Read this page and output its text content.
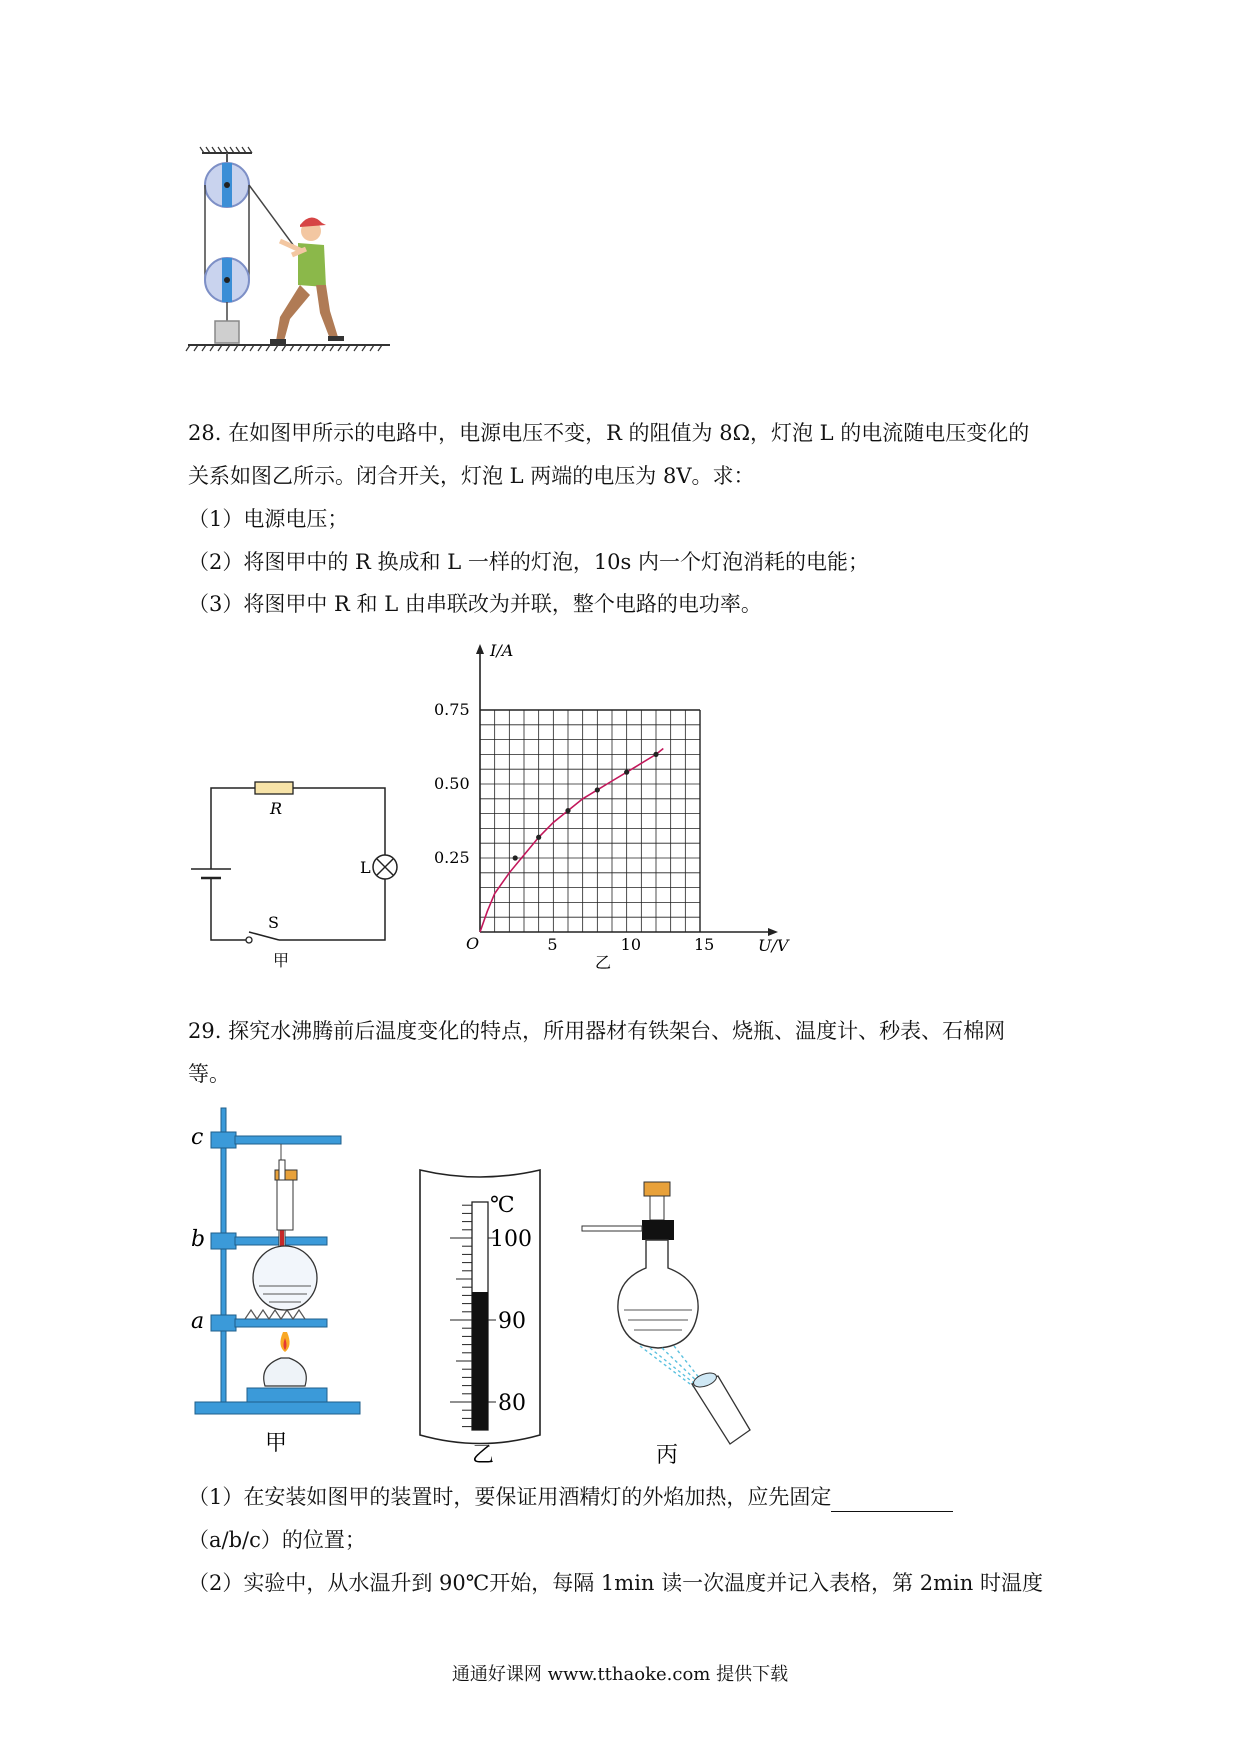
28. 在如图甲所示的电路中，电源电压不变，R 的阻值为 8Ω，灯泡 L 的电流随电压变化的
关系如图乙所示。闭合开关，灯泡 L 两端的电压为 8V。求：
（1）电源电压；
（2）将图甲中的 R 换成和 L 一样的灯泡，10s 内一个灯泡消耗的电能；
（3）将图甲中 R 和 L 由串联改为并联，整个电路的电功率。
R
L
S
甲
I/A
U/V
O
乙
5	10	15
0.25
0.50
0.75
29. 探究水沸腾前后温度变化的特点，所用器材有铁架台、烧瓶、温度计、秒表、石棉网
等。
c
b
a
甲
℃
100
90
80
乙	丙
（1）在安装如图甲的装置时，要保证用酒精灯的外焰加热，应先固定
（a/b/c）的位置；
（2）实验中，从水温升到 90℃开始，每隔 1min 读一次温度并记入表格，第 2min 时温度
通通好课网 www.tthaoke.com 提供下载
